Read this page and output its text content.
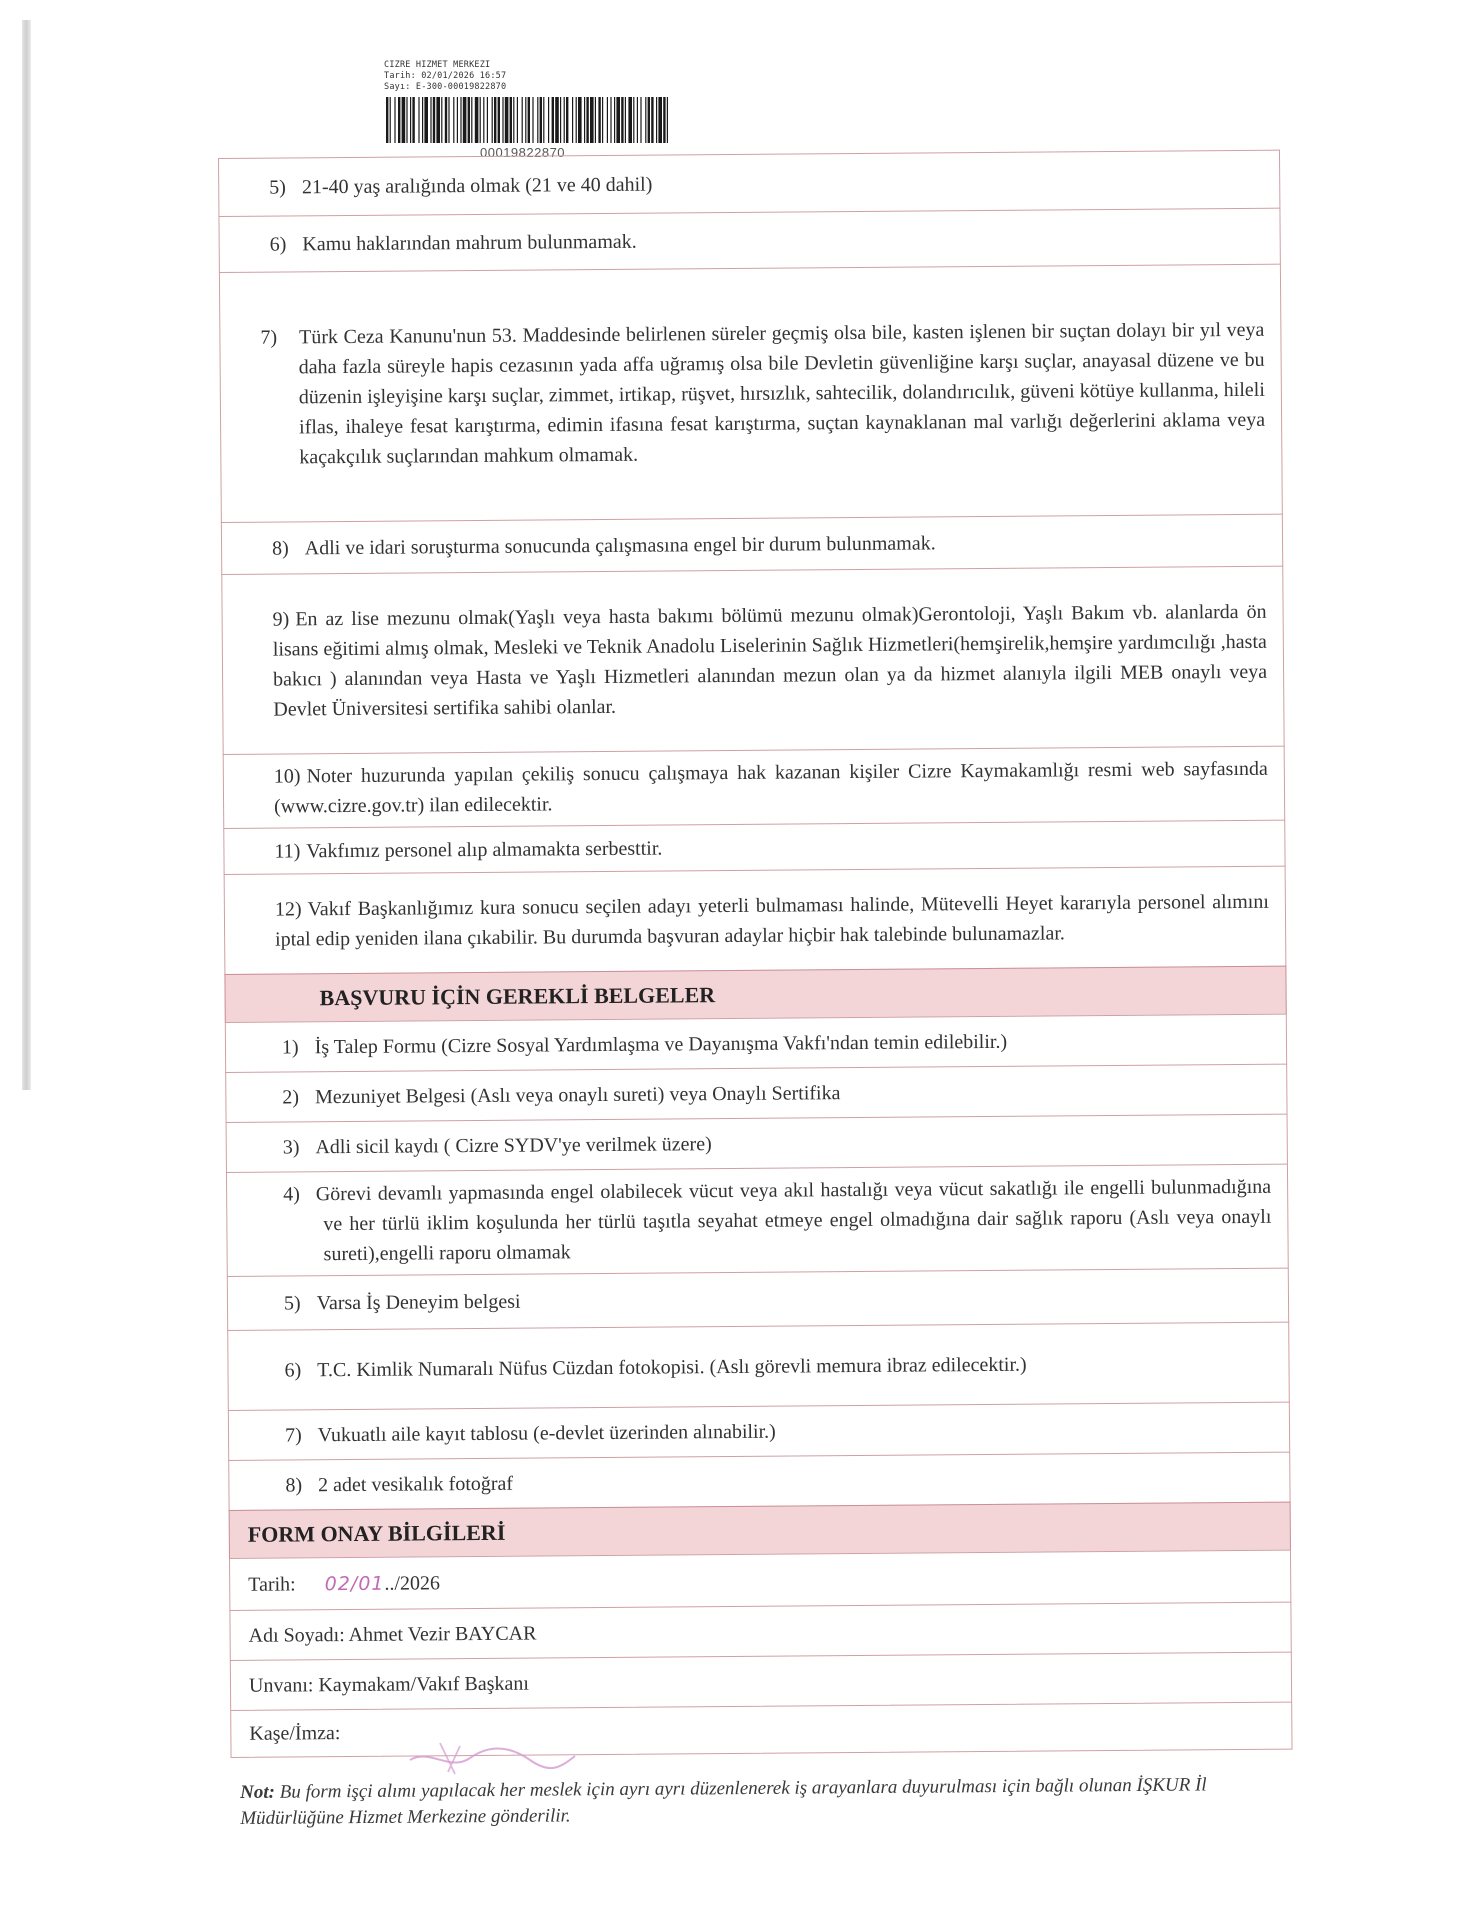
CIZRE HIZMET MERKEZI
Tarih: 02/01/2026 16:57
Sayı: E-300-00019822870
00019822870
5) 21-40 yaş aralığında olmak (21 ve 40 dahil)
6) Kamu haklarından mahrum bulunmamak.
7) Türk Ceza Kanunu'nun 53. Maddesinde belirlenen süreler geçmiş olsa bile, kasten işlenen bir suçtan dolayı bir yıl veya daha fazla süreyle hapis cezasının yada affa uğramış olsa bile Devletin güvenliğine karşı suçlar, anayasal düzene ve bu düzenin işleyişine karşı suçlar, zimmet, irtikap, rüşvet, hırsızlık, sahtecilik, dolandırıcılık, güveni kötüye kullanma, hileli iflas, ihaleye fesat karıştırma, edimin ifasına fesat karıştırma, suçtan kaynaklanan mal varlığı değerlerini aklama veya kaçakçılık suçlarından mahkum olmamak.
8) Adli ve idari soruşturma sonucunda çalışmasına engel bir durum bulunmamak.
9) En az lise mezunu olmak(Yaşlı veya hasta bakımı bölümü mezunu olmak)Gerontoloji, Yaşlı Bakım vb. alanlarda ön lisans eğitimi almış olmak, Mesleki ve Teknik Anadolu Liselerinin Sağlık Hizmetleri(hemşirelik,hemşire yardımcılığı ,hasta bakıcı ) alanından veya Hasta ve Yaşlı Hizmetleri alanından mezun olan ya da hizmet alanıyla ilgili MEB onaylı veya Devlet Üniversitesi sertifika sahibi olanlar.
10) Noter huzurunda yapılan çekiliş sonucu çalışmaya hak kazanan kişiler Cizre Kaymakamlığı resmi web sayfasında (www.cizre.gov.tr) ilan edilecektir.
11) Vakfımız personel alıp almamakta serbesttir.
12) Vakıf Başkanlığımız kura sonucu seçilen adayı yeterli bulmaması halinde, Mütevelli Heyet kararıyla personel alımını iptal edip yeniden ilana çıkabilir. Bu durumda başvuran adaylar hiçbir hak talebinde bulunamazlar.
BAŞVURU İÇİN GEREKLİ BELGELER
1) İş Talep Formu (Cizre Sosyal Yardımlaşma ve Dayanışma Vakfı'ndan temin edilebilir.)
2) Mezuniyet Belgesi (Aslı veya onaylı sureti) veya Onaylı Sertifika
3) Adli sicil kaydı ( Cizre SYDV'ye verilmek üzere)
4) Görevi devamlı yapmasında engel olabilecek vücut veya akıl hastalığı veya vücut sakatlığı ile engelli bulunmadığına ve her türlü iklim koşulunda her türlü taşıtla seyahat etmeye engel olmadığına dair sağlık raporu (Aslı veya onaylı sureti),engelli raporu olmamak
5) Varsa İş Deneyim belgesi
6) T.C. Kimlik Numaralı Nüfus Cüzdan fotokopisi. (Aslı görevli memura ibraz edilecektir.)
7) Vukuatlı aile kayıt tablosu (e-devlet üzerinden alınabilir.)
8) 2 adet vesikalık fotoğraf
FORM ONAY BİLGİLERİ
Tarih: 02/01../2026
Adı Soyadı: Ahmet Vezir BAYCAR
Unvanı: Kaymakam/Vakıf Başkanı
Kaşe/İmza:
Not: Bu form işçi alımı yapılacak her meslek için ayrı ayrı düzenlenerek iş arayanlara duyurulması için bağlı olunan İŞKUR İl Müdürlüğüne Hizmet Merkezine gönderilir.
